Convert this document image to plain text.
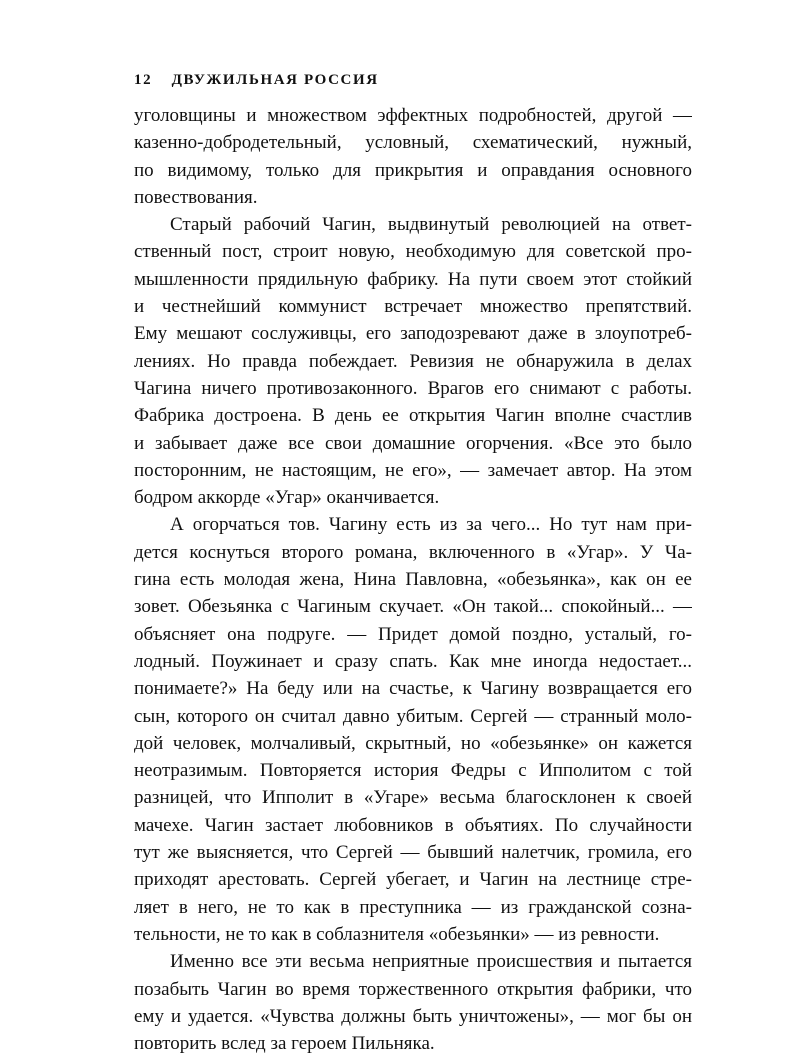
12 ДВУЖИЛЬНАЯ РОССИЯ
уголовщины и множеством эффектных подробностей, другой —
казенно-добродетельный, условный, схематический, нужный,
по видимому, только для прикрытия и оправдания основного
повествования.
Старый рабочий Чагин, выдвинутый революцией на ответ-
ственный пост, строит новую, необходимую для советской про-
мышленности прядильную фабрику. На пути своем этот стойкий
и честнейший коммунист встречает множество препятствий.
Ему мешают сослуживцы, его заподозревают даже в злоупотреб-
лениях. Но правда побеждает. Ревизия не обнаружила в делах
Чагина ничего противозаконного. Врагов его снимают с работы.
Фабрика достроена. В день ее открытия Чагин вполне счастлив
и забывает даже все свои домашние огорчения. «Все это было
посторонним, не настоящим, не его», — замечает автор. На этом
бодром аккорде «Угар» оканчивается.
А огорчаться тов. Чагину есть из за чего... Но тут нам при-
дется коснуться второго романа, включенного в «Угар». У Ча-
гина есть молодая жена, Нина Павловна, «обезьянка», как он ее
зовет. Обезьянка с Чагиным скучает. «Он такой... спокойный... —
объясняет она подруге. — Придет домой поздно, усталый, го-
лодный. Поужинает и сразу спать. Как мне иногда недостает...
понимаете?» На беду или на счастье, к Чагину возвращается его
сын, которого он считал давно убитым. Сергей — странный моло-
дой человек, молчаливый, скрытный, но «обезьянке» он кажется
неотразимым. Повторяется история Федры с Ипполитом с той
разницей, что Ипполит в «Угаре» весьма благосклонен к своей
мачехе. Чагин застает любовников в объятиях. По случайности
тут же выясняется, что Сергей — бывший налетчик, громила, его
приходят арестовать. Сергей убегает, и Чагин на лестнице стре-
ляет в него, не то как в преступника — из гражданской созна-
тельности, не то как в соблазнителя «обезьянки» — из ревности.
Именно все эти весьма неприятные происшествия и пытается
позабыть Чагин во время торжественного открытия фабрики, что
ему и удается. «Чувства должны быть уничтожены», — мог бы он
повторить вслед за героем Пильняка.
